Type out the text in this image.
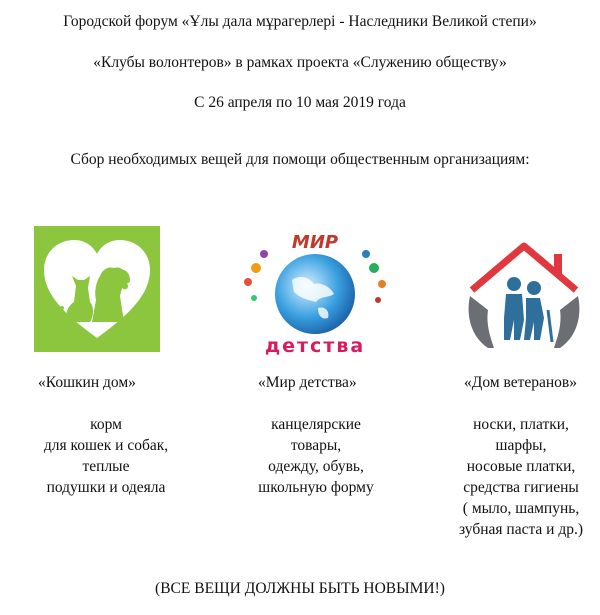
Городской форум «Ұлы дала мұрагерлері - Наследники Великой степи»
«Клубы волонтеров» в рамках проекта «Служению обществу»
С 26 апреля по 10 мая 2019 года
Сбор необходимых вещей для помощи общественным организациям:
МИР
детства
«Кошкин дом»	«Мир детства»	«Дом ветеранов»
корм
для кошек и собак,
теплые
подушки и одеяла
канцелярские
товары,
одежду, обувь,
школьную форму
носки, платки,
шарфы,
носовые платки,
средства гигиены
( мыло, шампунь,
зубная паста и др.)
(ВСЕ ВЕЩИ ДОЛЖНЫ БЫТЬ НОВЫМИ!)
